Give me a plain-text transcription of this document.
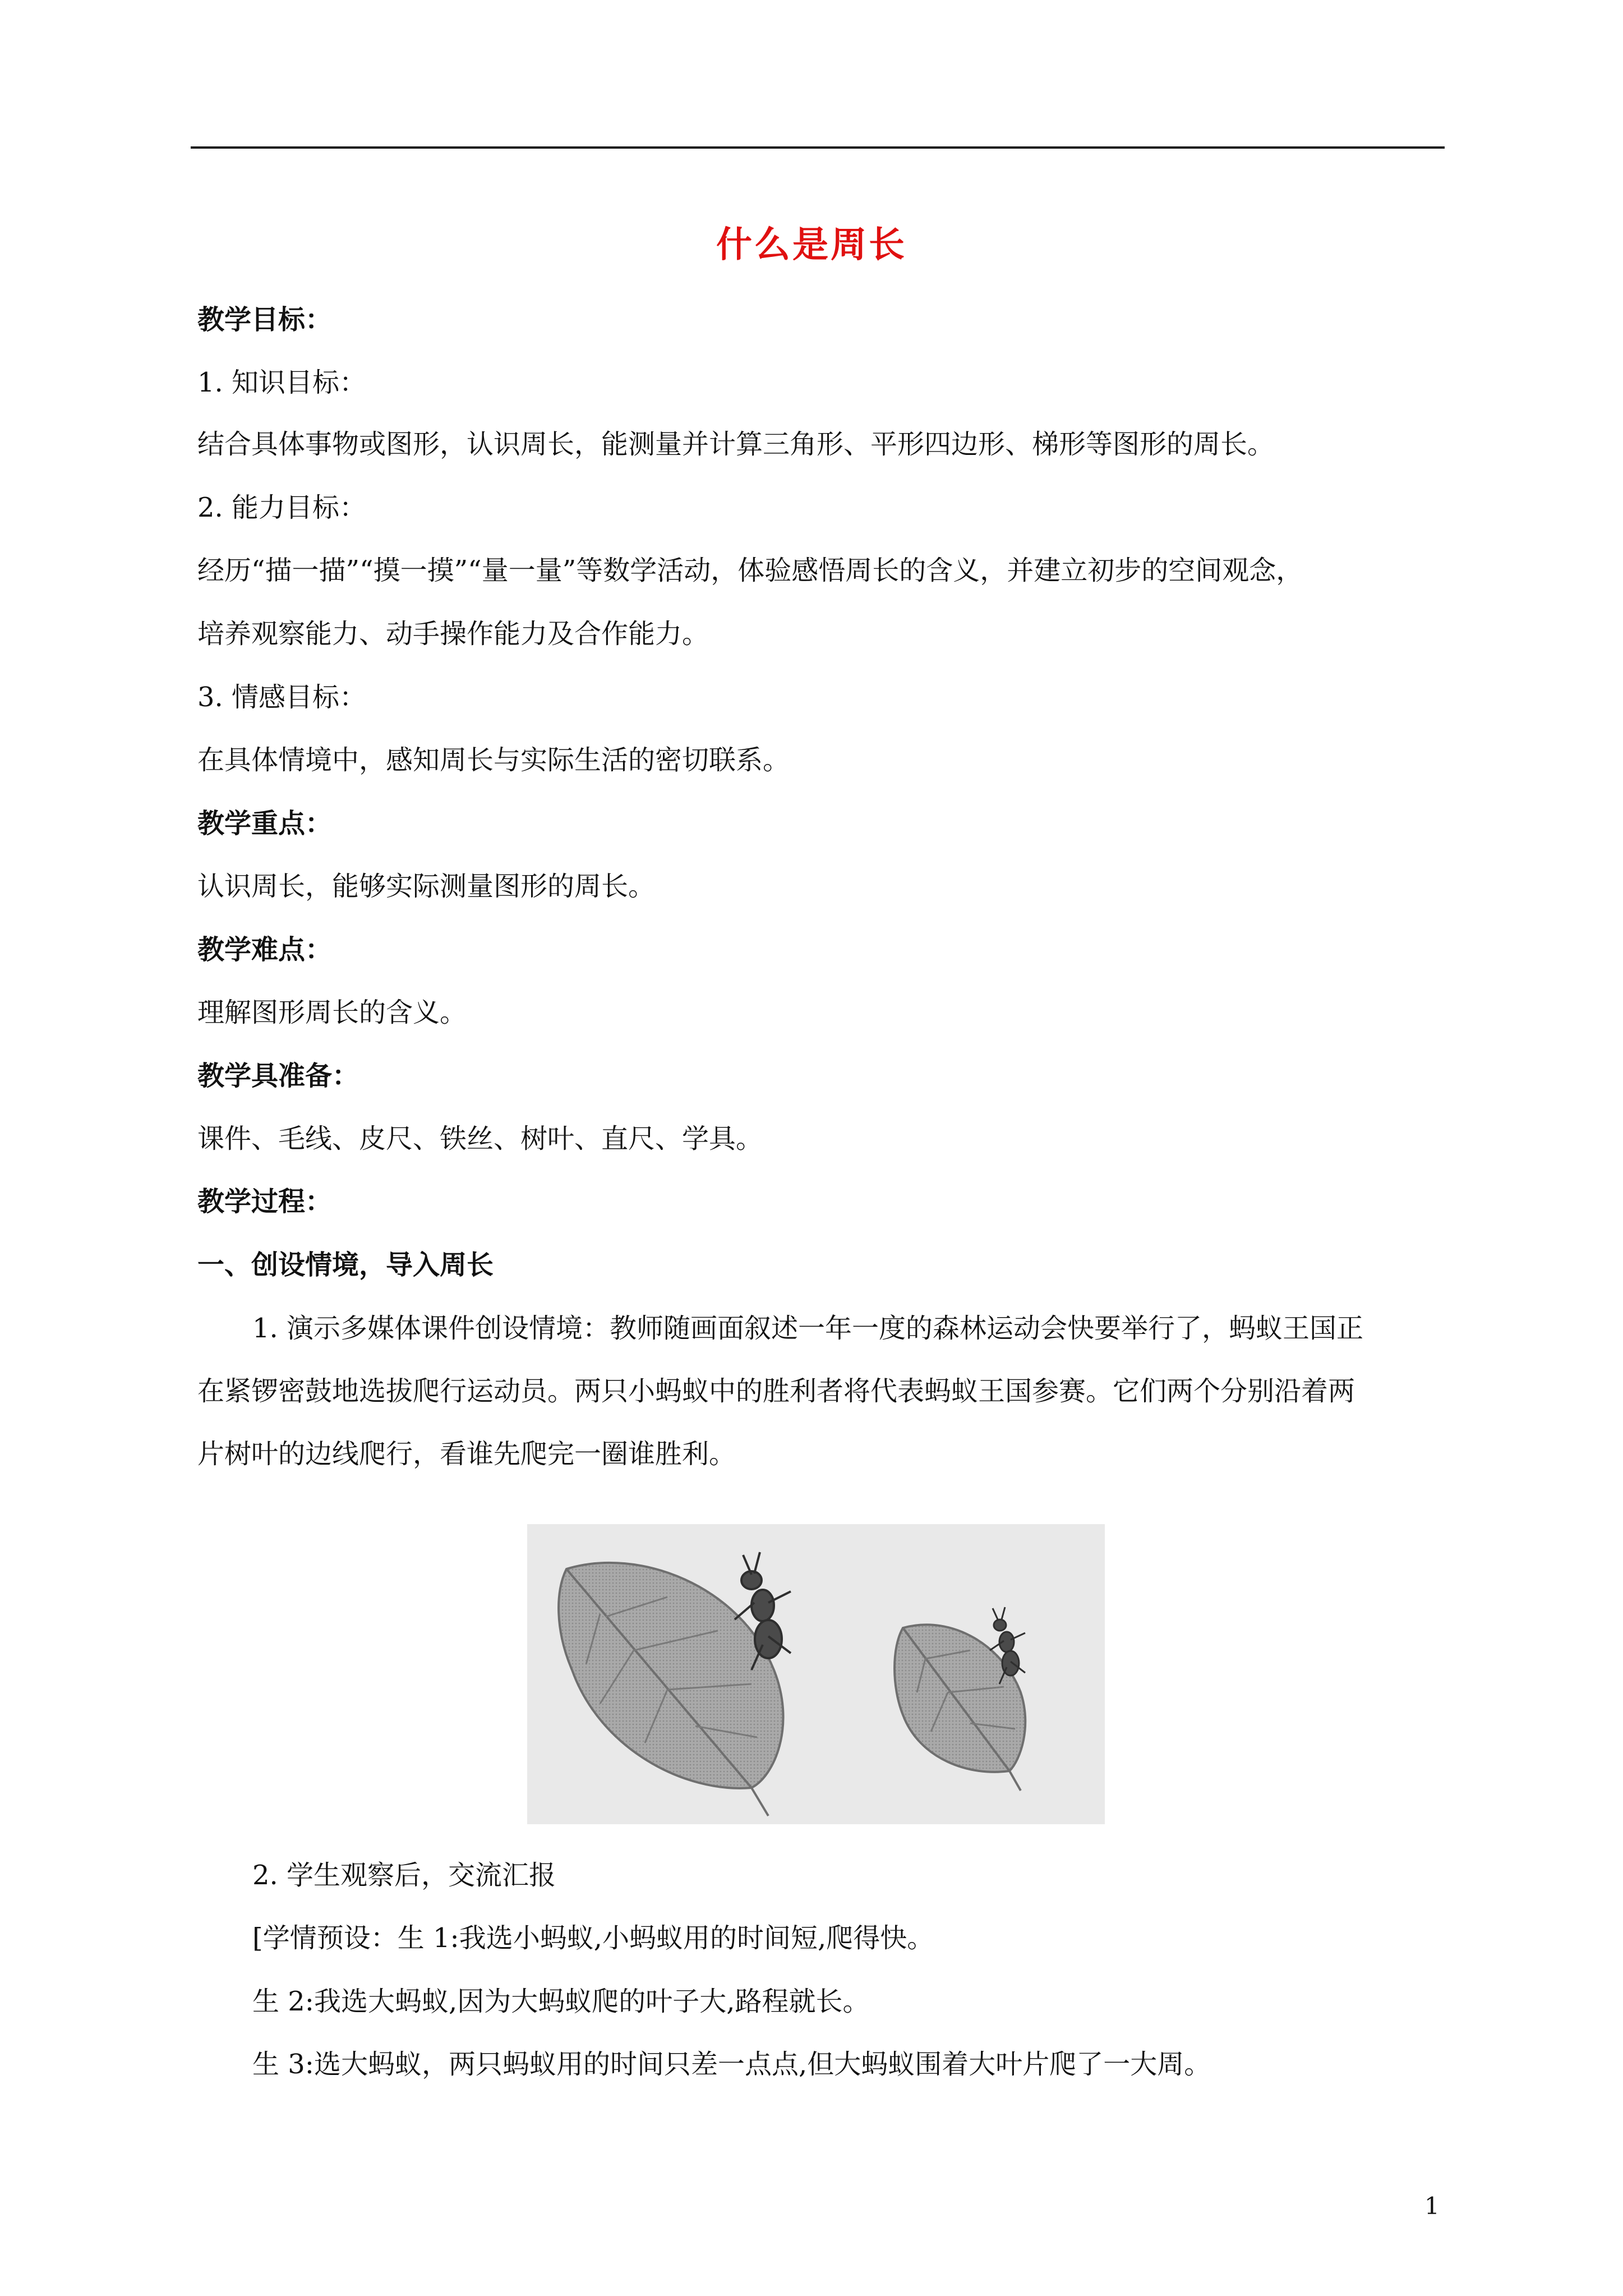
什么是周长
教学目标：
1. 知识目标：
结合具体事物或图形，认识周长，能测量并计算三角形、平形四边形、梯形等图形的周长。
2. 能力目标：
经历“描一描”“摸一摸”“量一量”等数学活动，体验感悟周长的含义，并建立初步的空间观念，
培养观察能力、动手操作能力及合作能力。
3. 情感目标：
在具体情境中，感知周长与实际生活的密切联系。
教学重点：
认识周长，能够实际测量图形的周长。
教学难点：
理解图形周长的含义。
教学具准备：
课件、毛线、皮尺、铁丝、树叶、直尺、学具。
教学过程：
一、创设情境，导入周长
1. 演示多媒体课件创设情境：教师随画面叙述一年一度的森林运动会快要举行了，蚂蚁王国正
在紧锣密鼓地选拔爬行运动员。两只小蚂蚁中的胜利者将代表蚂蚁王国参赛。它们两个分别沿着两
片树叶的边线爬行，看谁先爬完一圈谁胜利。
2. 学生观察后，交流汇报
[学情预设：生 1:我选小蚂蚁,小蚂蚁用的时间短,爬得快。
生 2:我选大蚂蚁,因为大蚂蚁爬的叶子大,路程就长。
生 3:选大蚂蚁，两只蚂蚁用的时间只差一点点,但大蚂蚁围着大叶片爬了一大周。
1
